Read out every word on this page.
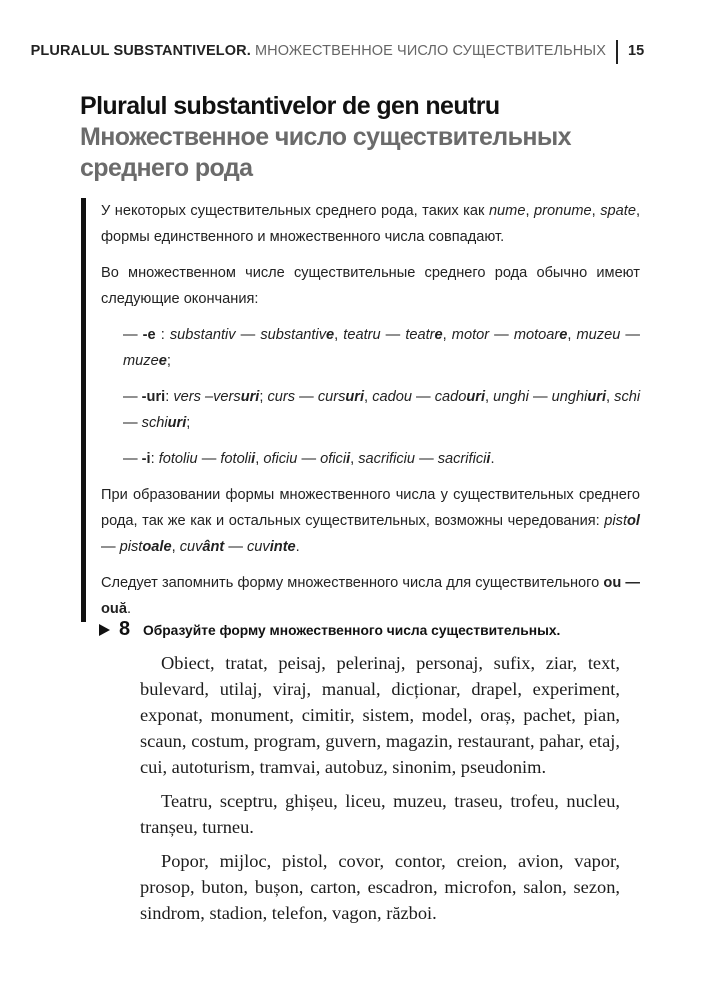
PLURALUL SUBSTANTIVELOR. МНОЖЕСТВЕННОЕ ЧИСЛО СУЩЕСТВИТЕЛЬНЫХ 15
Pluralul substantivelor de gen neutru
Множественное число существительных
среднего рода

У некоторых существительных среднего рода, таких как nume, pronume, spate, формы единственного и множественного числа совпадают.

Во множественном числе существительные среднего рода обычно имеют следующие окончания:

— -e : substantiv — substantive, teatru — teatre, motor — motoare, muzeu — muzee;

— -uri: vers –versuri; curs — cursuri, cadou — cadouri, unghi — unghiuri, schi — schiuri;

— -i: fotoliu — fotolii, oficiu — oficii, sacrificiu — sacrificii.

При образовании формы множественного числа у существительных среднего рода, так же как и остальных существительных, возможны чередования: pistol — pistoale, cuvânt — cuvinte.

Следует запомнить форму множественного числа для существительного ou — ouă.

8 Образуйте форму множественного числа существительных.

Obiect, tratat, peisaj, pelerinaj, personaj, sufix, ziar, text, bulevard, utilaj, viraj, manual, dicționar, drapel, experiment, exponat, monument, cimitir, sistem, model, oraș, pachet, pian, scaun, costum, program, guvern, magazin, restaurant, pahar, etaj, cui, autoturism, tramvai, autobuz, sinonim, pseudonim.

Teatru, sceptru, ghișeu, liceu, muzeu, traseu, trofeu, nucleu, tranșeu, turneu.

Popor, mijloc, pistol, covor, contor, creion, avion, vapor, prosop, buton, bușon, carton, escadron, microfon, salon, sezon, sindrom, stadion, telefon, vagon, război.
